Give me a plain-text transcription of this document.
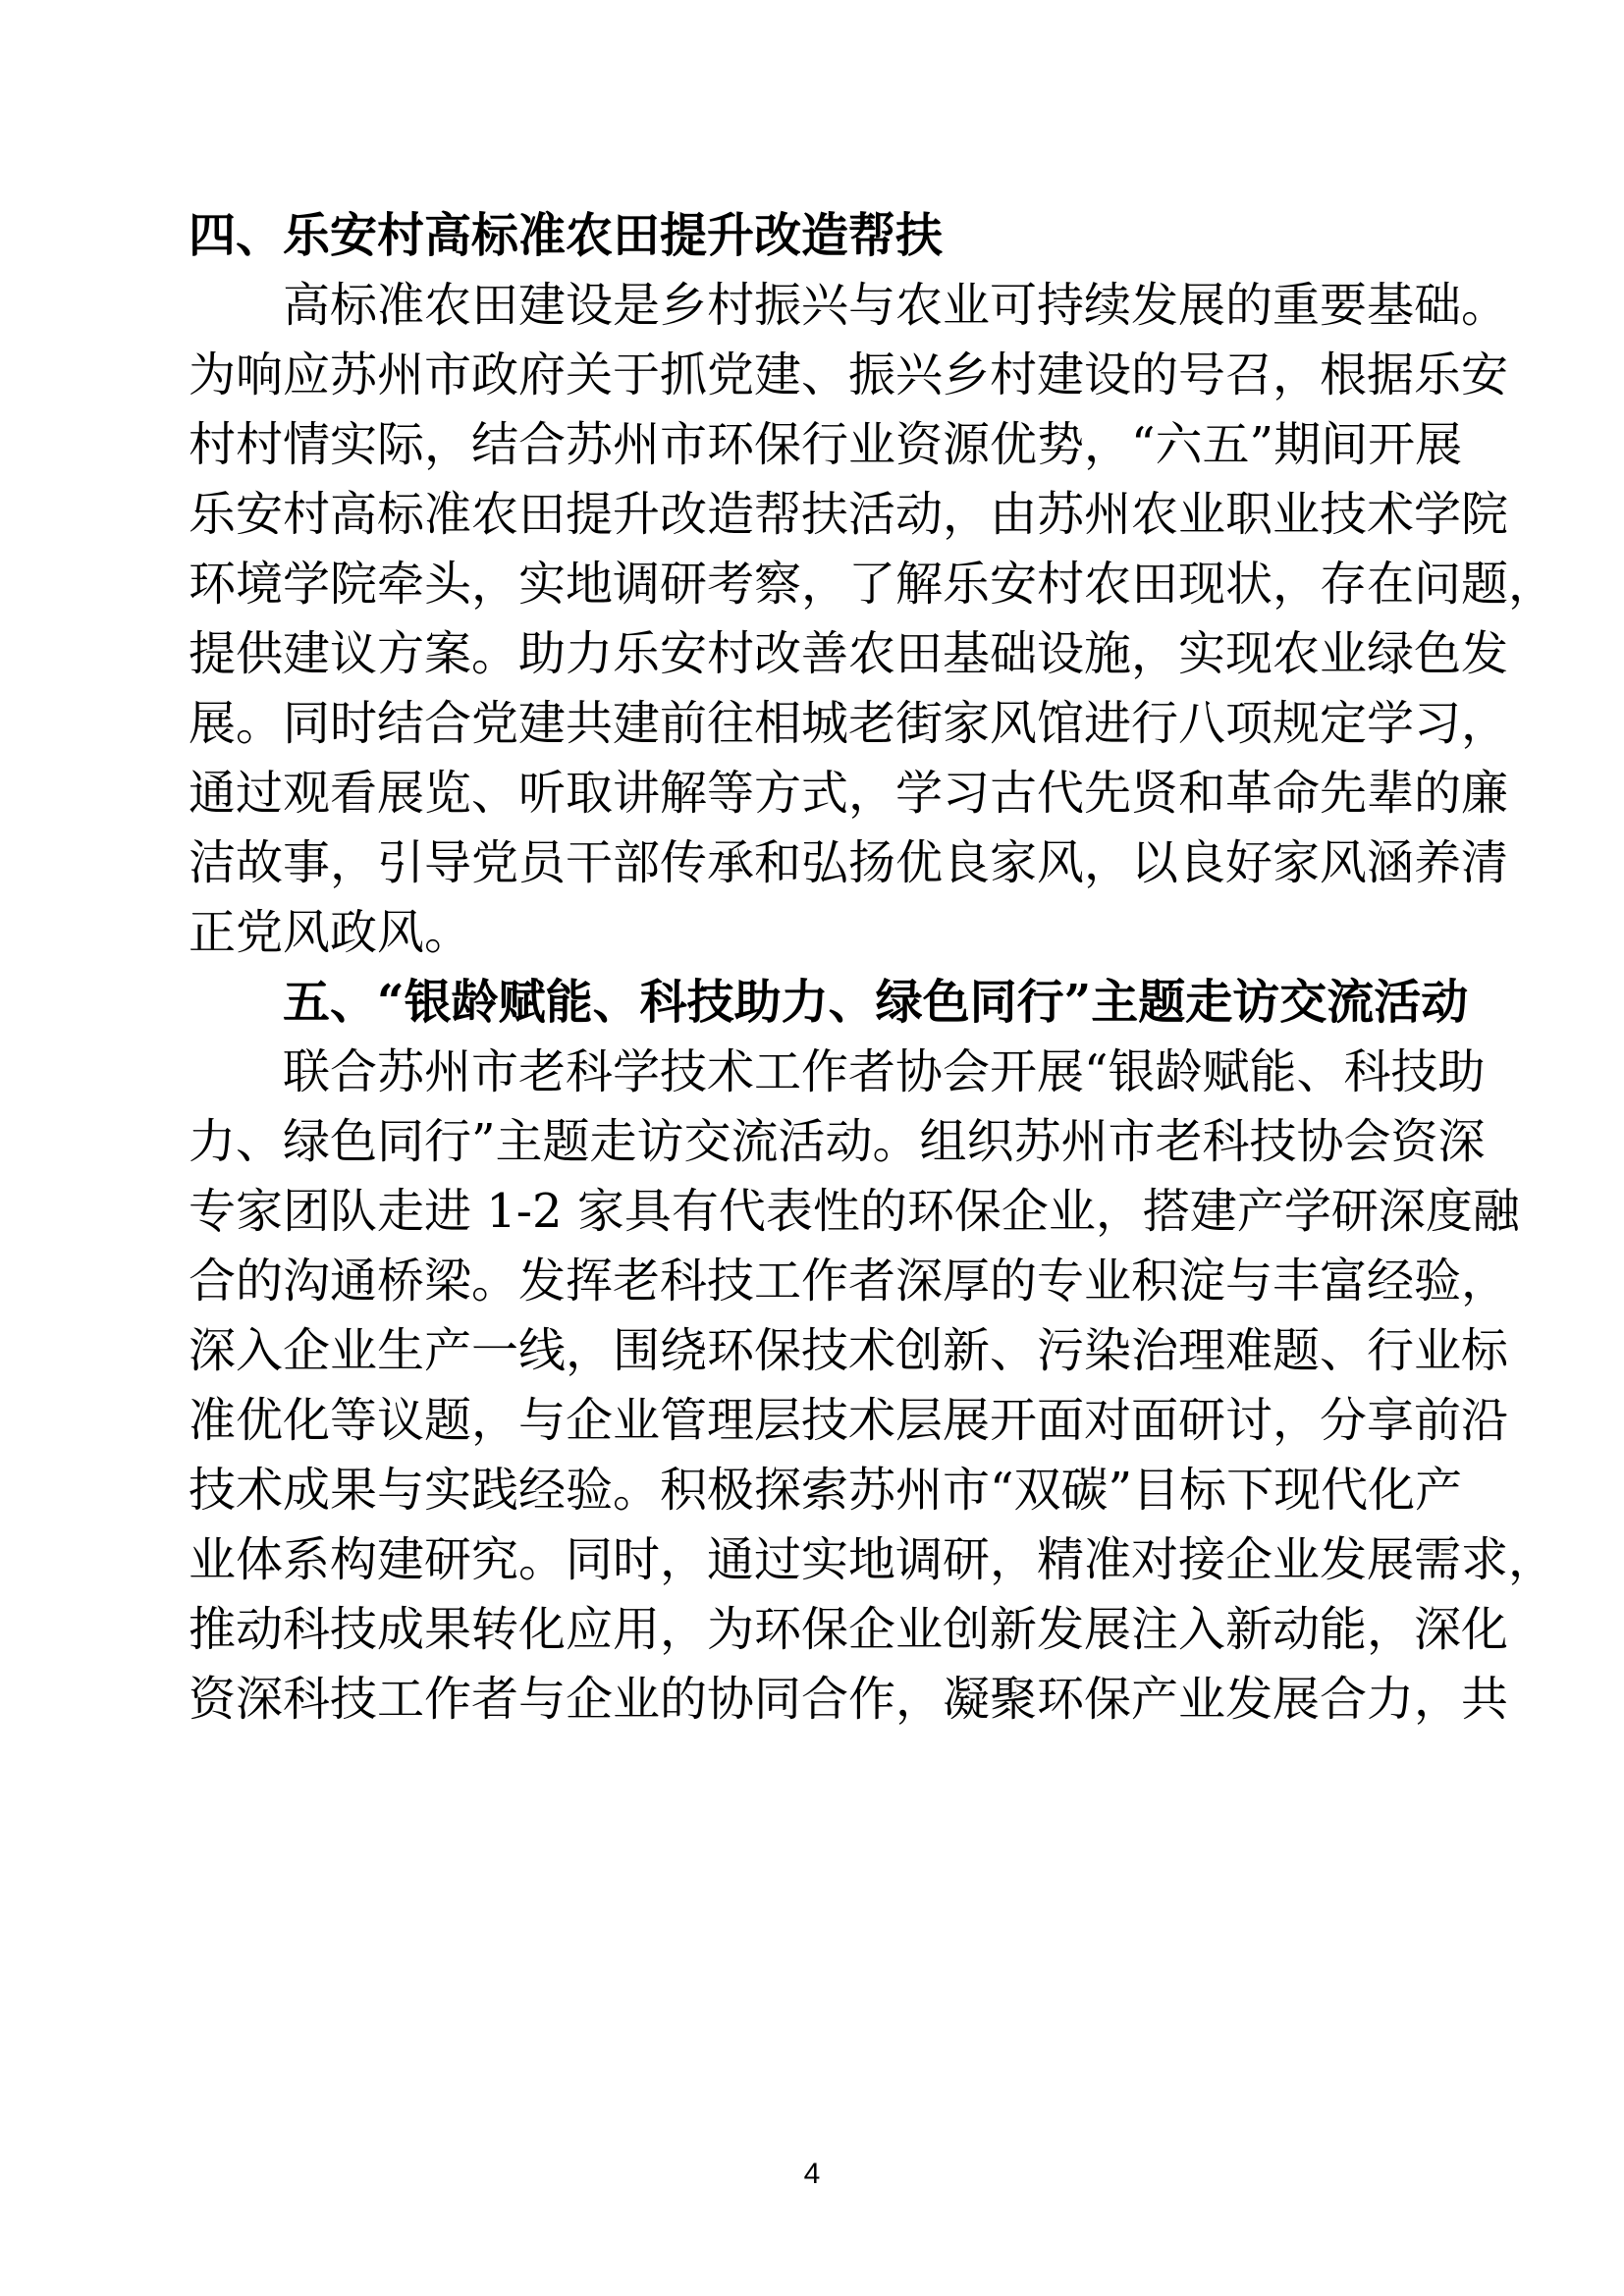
四、乐安村高标准农田提升改造帮扶
高标准农田建设是乡村振兴与农业可持续发展的重要基础。
为响应苏州市政府关于抓党建、振兴乡村建设的号召，根据乐安
村村情实际，结合苏州市环保行业资源优势，“六五”期间开展
乐安村高标准农田提升改造帮扶活动，由苏州农业职业技术学院
环境学院牵头，实地调研考察，了解乐安村农田现状，存在问题，
提供建议方案。助力乐安村改善农田基础设施，实现农业绿色发
展。同时结合党建共建前往相城老街家风馆进行八项规定学习，
通过观看展览、听取讲解等方式，学习古代先贤和革命先辈的廉
洁故事，引导党员干部传承和弘扬优良家风，以良好家风涵养清
正党风政风。
五、“银龄赋能、科技助力、绿色同行”主题走访交流活动
联合苏州市老科学技术工作者协会开展“银龄赋能、科技助
力、绿色同行”主题走访交流活动。组织苏州市老科技协会资深
专家团队走进 1-2 家具有代表性的环保企业，搭建产学研深度融
合的沟通桥梁。发挥老科技工作者深厚的专业积淀与丰富经验，
深入企业生产一线，围绕环保技术创新、污染治理难题、行业标
准优化等议题，与企业管理层技术层展开面对面研讨，分享前沿
技术成果与实践经验。积极探索苏州市“双碳”目标下现代化产
业体系构建研究。同时，通过实地调研，精准对接企业发展需求，
推动科技成果转化应用，为环保企业创新发展注入新动能，深化
资深科技工作者与企业的协同合作，凝聚环保产业发展合力，共
4
